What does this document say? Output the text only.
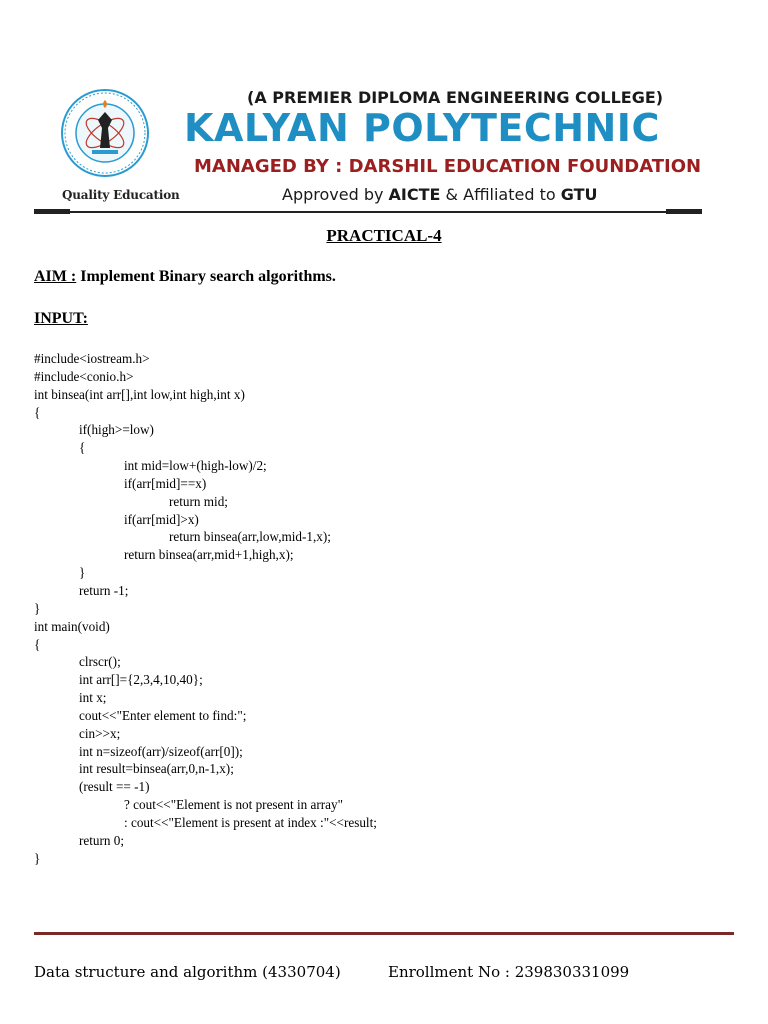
Quality Education
(A PREMIER DIPLOMA ENGINEERING COLLEGE)
KALYAN POLYTECHNIC
MANAGED BY : DARSHIL EDUCATION FOUNDATION
Approved by AICTE & Affiliated to GTU
PRACTICAL-4
AIM : Implement Binary search algorithms.
INPUT:
#include<iostream.h>
#include<conio.h>
int binsea(int arr[],int low,int high,int x)
{
if(high>=low)
{
int mid=low+(high-low)/2;
if(arr[mid]==x)
return mid;
if(arr[mid]>x)
return binsea(arr,low,mid-1,x);
return binsea(arr,mid+1,high,x);
}
return -1;
}
int main(void)
{
clrscr();
int arr[]={2,3,4,10,40};
int x;
cout<<"Enter element to find:";
cin>>x;
int n=sizeof(arr)/sizeof(arr[0]);
int result=binsea(arr,0,n-1,x);
(result == -1)
? cout<<"Element is not present in array"
: cout<<"Element is present at index :"<<result;
return 0;
}
Data structure and algorithm (4330704)	Enrollment No : 239830331099
